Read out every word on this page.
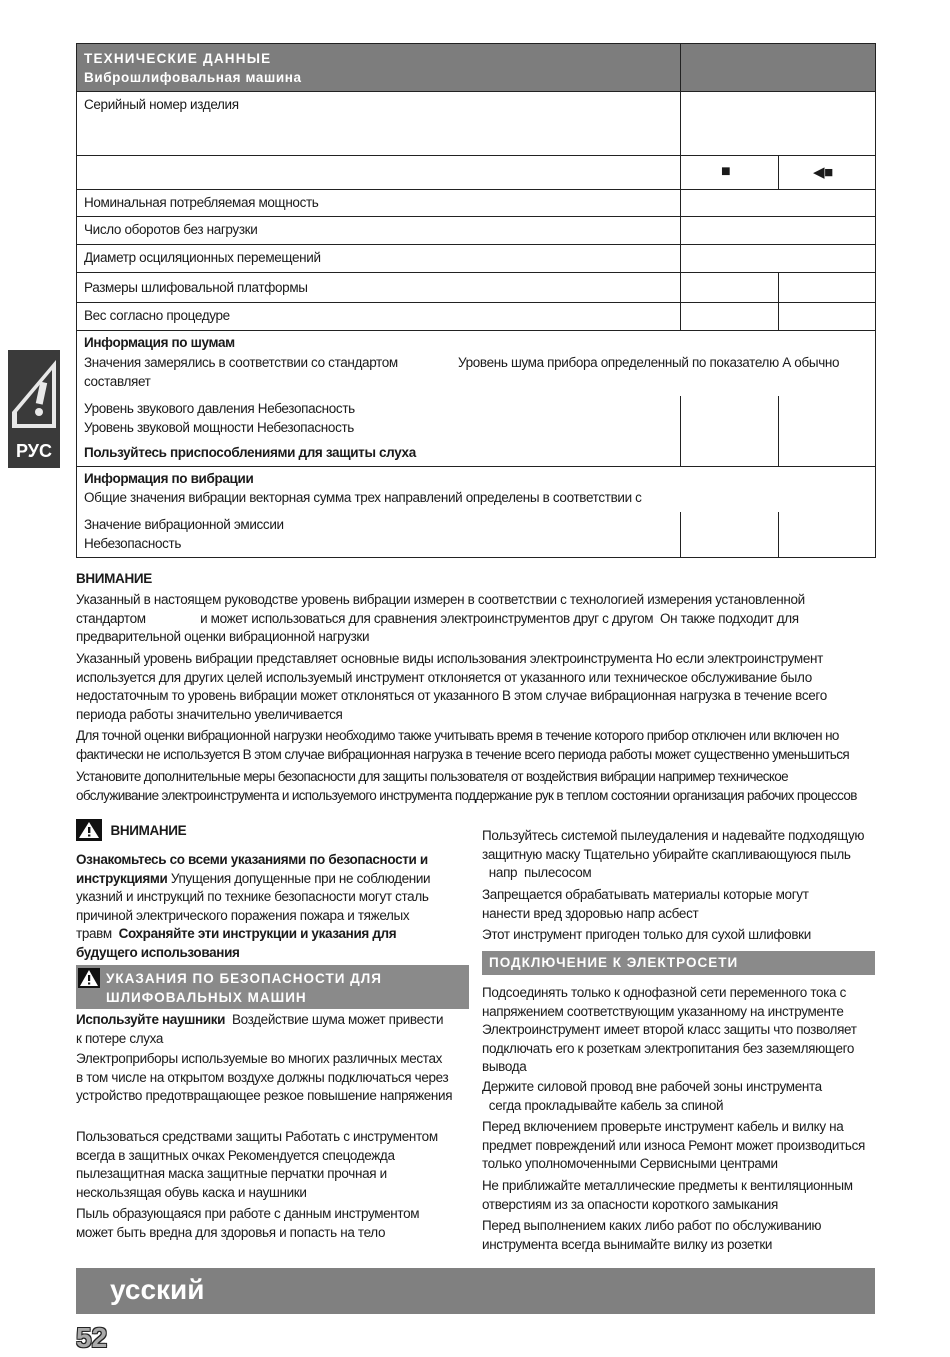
ТЕХНИЧЕСКИЕ ДАННЫЕ
Виброшлифовальная машина
Серийный номер изделия
■	◀■
Номинальная потребляемая мощность
Число оборотов без нагрузки
Диаметр осциляционных перемещений
Размеры шлифовальной платформы
Вес согласно процедуре
Информация по шумам
Значения замерялись в соответствии со стандартом	Уровень шума прибора определенный по показателю А обычно
составляет
Уровень звукового давления Небезопасность
Уровень звуковой мощности Небезопасность
Пользуйтесь приспособлениями для защиты слуха
Информация по вибрации
Общие значения вибрации векторная сумма трех направлений определены в соответствии с
Значение вибрационной эмиссии
Небезопасность
РУС
ВНИМАНИЕ
Указанный в настоящем руководстве уровень вибрации измерен в соответствии с технологией измерения установленной
стандартом                и может использоваться для сравнения электроинструментов друг с другом  Он также подходит для
предварительной оценки вибрационной нагрузки
Указанный уровень вибрации представляет основные виды использования электроинструмента Но если электроинструмент
используется для других целей используемый инструмент отклоняется от указанного или техническое обслуживание было
недостаточным то уровень вибрации может отклоняться от указанного В этом случае вибрационная нагрузка в течение всего
периода работы значительно увеличивается
Для точной оценки вибрационной нагрузки необходимо также учитывать время в течение которого прибор отключен или включен но
фактически не используется В этом случае вибрационная нагрузка в течение всего периода работы может существенно уменьшиться
Установите дополнительные меры безопасности для защиты пользователя от воздействия вибрации например техническое
обслуживание электроинструмента и используемого инструмента поддержание рук в теплом состоянии организация рабочих процессов
ВНИМАНИЕ
Ознакомьтесь со всеми указаниями по безопасности и
инструкциями Упущения допущенные при не соблюдении
указний и инструкций по технике безопасности могут сталь
причиной электрического поражения пожара и тяжелых
травм  Сохраняйте эти инструкции и указания для
будущего использования
УКАЗАНИЯ ПО БЕЗОПАСНОСТИ ДЛЯ
ШЛИФОВАЛЬНЫХ МАШИН
Используйте наушники  Воздействие шума может привести
к потере слуха
Электроприборы используемые во многих различных местах
в том числе на открытом воздухе должны подключаться через
устройство предотвращающее резкое повышение напряжения
Пользоваться средствами защиты Работать с инструментом
всегда в защитных очках Рекомендуется спецодежда
пылезащитная маска защитные перчатки прочная и
нескользящая обувь каска и наушники
Пыль образующаяся при работе с данным инструментом
может быть вредна для здоровья и попасть на тело
Пользуйтесь системой пылеудаления и надевайте подходящую
защитную маску Тщательно убирайте скапливающуюся пыль
напр  пылесосом
Запрещается обрабатывать материалы которые могут
нанести вред здоровью напр асбест
Этот инструмент пригоден только для сухой шлифовки
ПОДКЛЮЧЕНИЕ К ЭЛЕКТРОСЕТИ
Подсоединять только к однофазной сети переменного тока с
напряжением соответствующим указанному на инструменте
Электроинструмент имеет второй класс защиты что позволяет
подключать его к розеткам электропитания без заземляющего
вывода
Держите силовой провод вне рабочей зоны инструмента
сегда прокладывайте кабель за спиной
Перед включением проверьте инструмент кабель и вилку на
предмет повреждений или износа Ремонт может производиться
только уполномоченными Сервисными центрами
Не приближайте металлические предметы к вентиляционным
отверстиям из за опасности короткого замыкания
Перед выполнением каких либо работ по обслуживанию
инструмента всегда вынимайте вилку из розетки
усский
52
